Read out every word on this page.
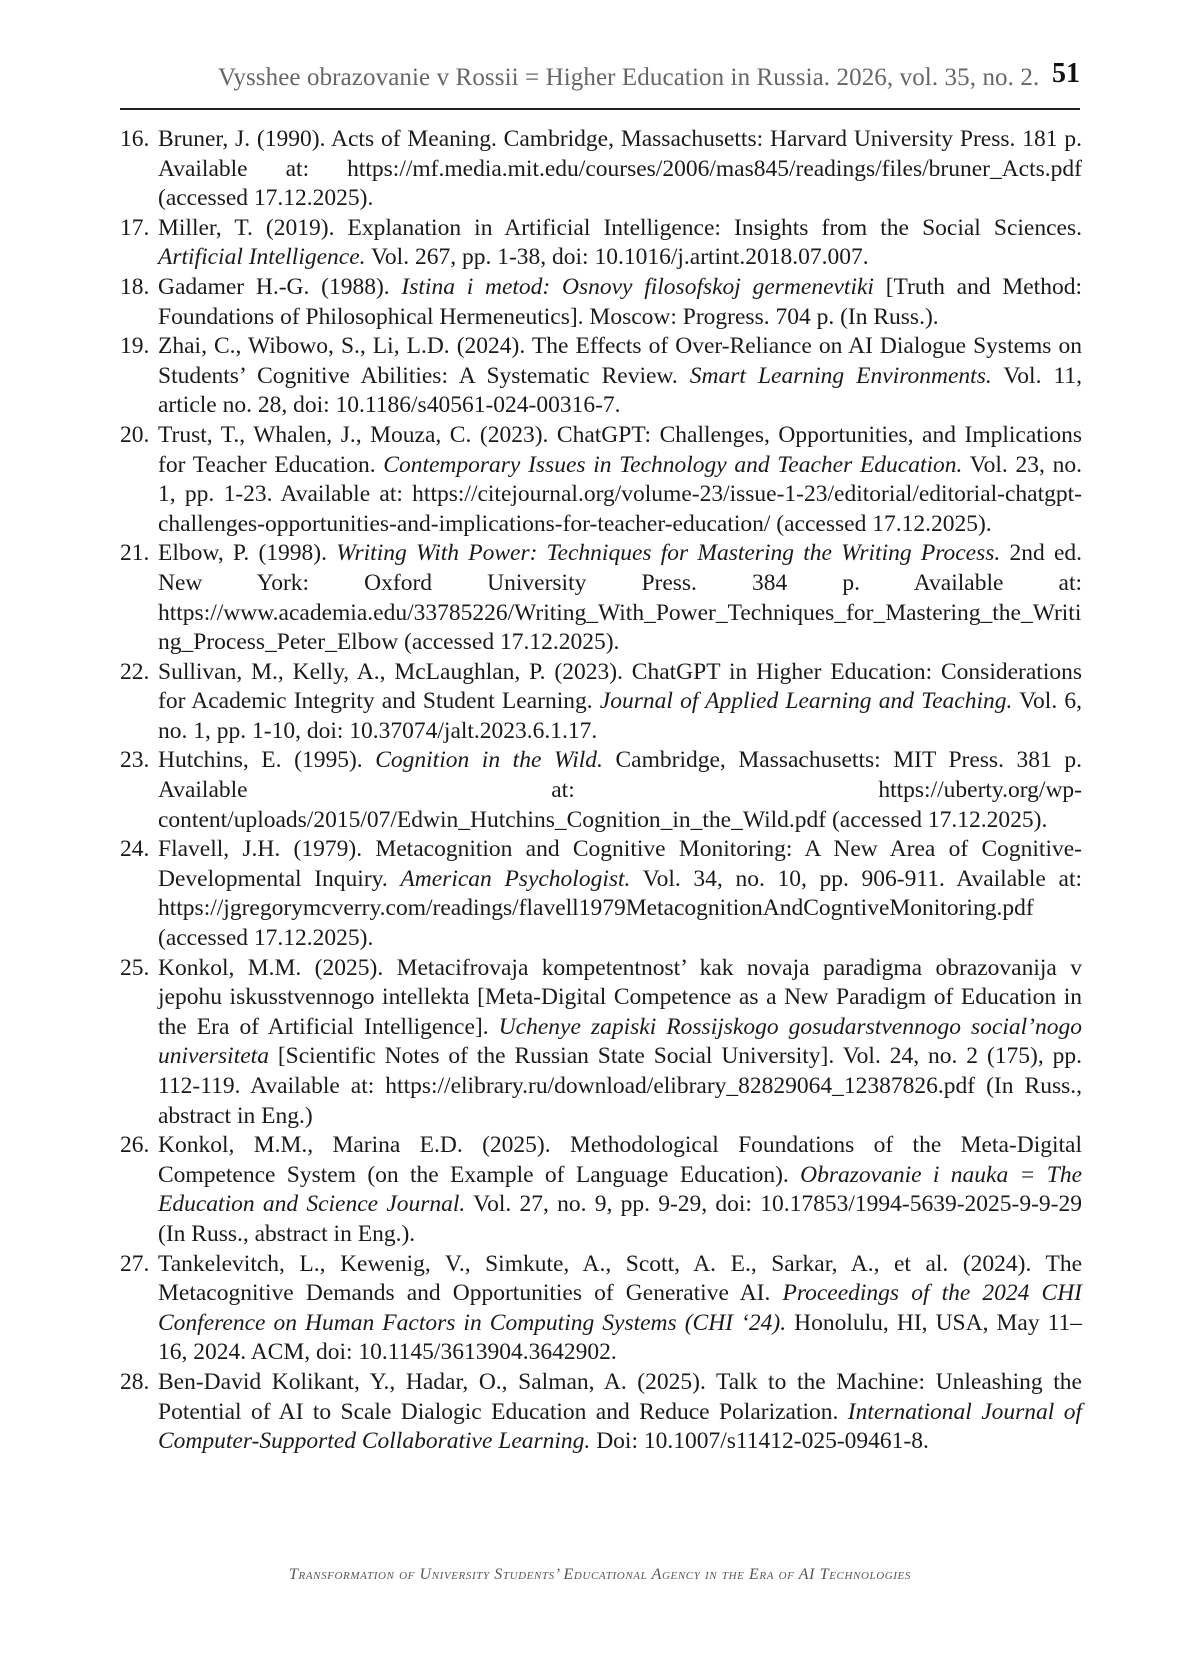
Vysshee obrazovanie v Rossii = Higher Education in Russia. 2026, vol. 35, no. 2. 51
16. Bruner, J. (1990). Acts of Meaning. Cambridge, Massachusetts: Harvard University Press. 181 p. Available at: https://mf.media.mit.edu/courses/2006/mas845/readings/files/bruner_Acts.pdf (accessed 17.12.2025).
17. Miller, T. (2019). Explanation in Artificial Intelligence: Insights from the Social Sciences. Artificial Intelligence. Vol. 267, pp. 1-38, doi: 10.1016/j.artint.2018.07.007.
18. Gadamer H.-G. (1988). Istina i metod: Osnovy filosofskoj germenevtiki [Truth and Method: Foundations of Philosophical Hermeneutics]. Moscow: Progress. 704 p. (In Russ.).
19. Zhai, C., Wibowo, S., Li, L.D. (2024). The Effects of Over-Reliance on AI Dialogue Systems on Students’ Cognitive Abilities: A Systematic Review. Smart Learning Environments. Vol. 11, article no. 28, doi: 10.1186/s40561-024-00316-7.
20. Trust, T., Whalen, J., Mouza, C. (2023). ChatGPT: Challenges, Opportunities, and Implications for Teacher Education. Contemporary Issues in Technology and Teacher Education. Vol. 23, no. 1, pp. 1-23. Available at: https://citejournal.org/volume-23/issue-1-23/editorial/editorial-chatgpt-challenges-opportunities-and-implications-for-teacher-education/ (accessed 17.12.2025).
21. Elbow, P. (1998). Writing With Power: Techniques for Mastering the Writing Process. 2nd ed. New York: Oxford University Press. 384 p. Available at: https://www.academia.edu/33785226/Writing_With_Power_Techniques_for_Mastering_the_Writing_Process_Peter_Elbow (accessed 17.12.2025).
22. Sullivan, M., Kelly, A., McLaughlan, P. (2023). ChatGPT in Higher Education: Considerations for Academic Integrity and Student Learning. Journal of Applied Learning and Teaching. Vol. 6, no. 1, pp. 1-10, doi: 10.37074/jalt.2023.6.1.17.
23. Hutchins, E. (1995). Cognition in the Wild. Cambridge, Massachusetts: MIT Press. 381 p. Available at: https://uberty.org/wp-content/uploads/2015/07/Edwin_Hutchins_Cognition_in_the_Wild.pdf (accessed 17.12.2025).
24. Flavell, J.H. (1979). Metacognition and Cognitive Monitoring: A New Area of Cognitive-Developmental Inquiry. American Psychologist. Vol. 34, no. 10, pp. 906-911. Available at: https://jgregorymcverry.com/readings/flavell1979MetacognitionAndCogntiveMonitoring.pdf (accessed 17.12.2025).
25. Konkol, M.M. (2025). Metacifrovaja kompetentnost’ kak novaja paradigma obrazovanija v jepohu iskusstvennogo intellekta [Meta-Digital Competence as a New Paradigm of Education in the Era of Artificial Intelligence]. Uchenye zapiski Rossijskogo gosudarstvennogo social’nogo universiteta [Scientific Notes of the Russian State Social University]. Vol. 24, no. 2 (175), pp. 112-119. Available at: https://elibrary.ru/download/elibrary_82829064_12387826.pdf (In Russ., abstract in Eng.)
26. Konkol, M.M., Marina E.D. (2025). Methodological Foundations of the Meta-Digital Competence System (on the Example of Language Education). Obrazovanie i nauka = The Education and Science Journal. Vol. 27, no. 9, pp. 9-29, doi: 10.17853/1994-5639-2025-9-9-29 (In Russ., abstract in Eng.).
27. Tankelevitch, L., Kewenig, V., Simkute, A., Scott, A. E., Sarkar, A., et al. (2024). The Metacognitive Demands and Opportunities of Generative AI. Proceedings of the 2024 CHI Conference on Human Factors in Computing Systems (CHI ‘24). Honolulu, HI, USA, May 11–16, 2024. ACM, doi: 10.1145/3613904.3642902.
28. Ben-David Kolikant, Y., Hadar, O., Salman, A. (2025). Talk to the Machine: Unleashing the Potential of AI to Scale Dialogic Education and Reduce Polarization. International Journal of Computer-Supported Collaborative Learning. Doi: 10.1007/s11412-025-09461-8.
Transformation of University Students’ Educational Agency in the Era of AI Technologies
